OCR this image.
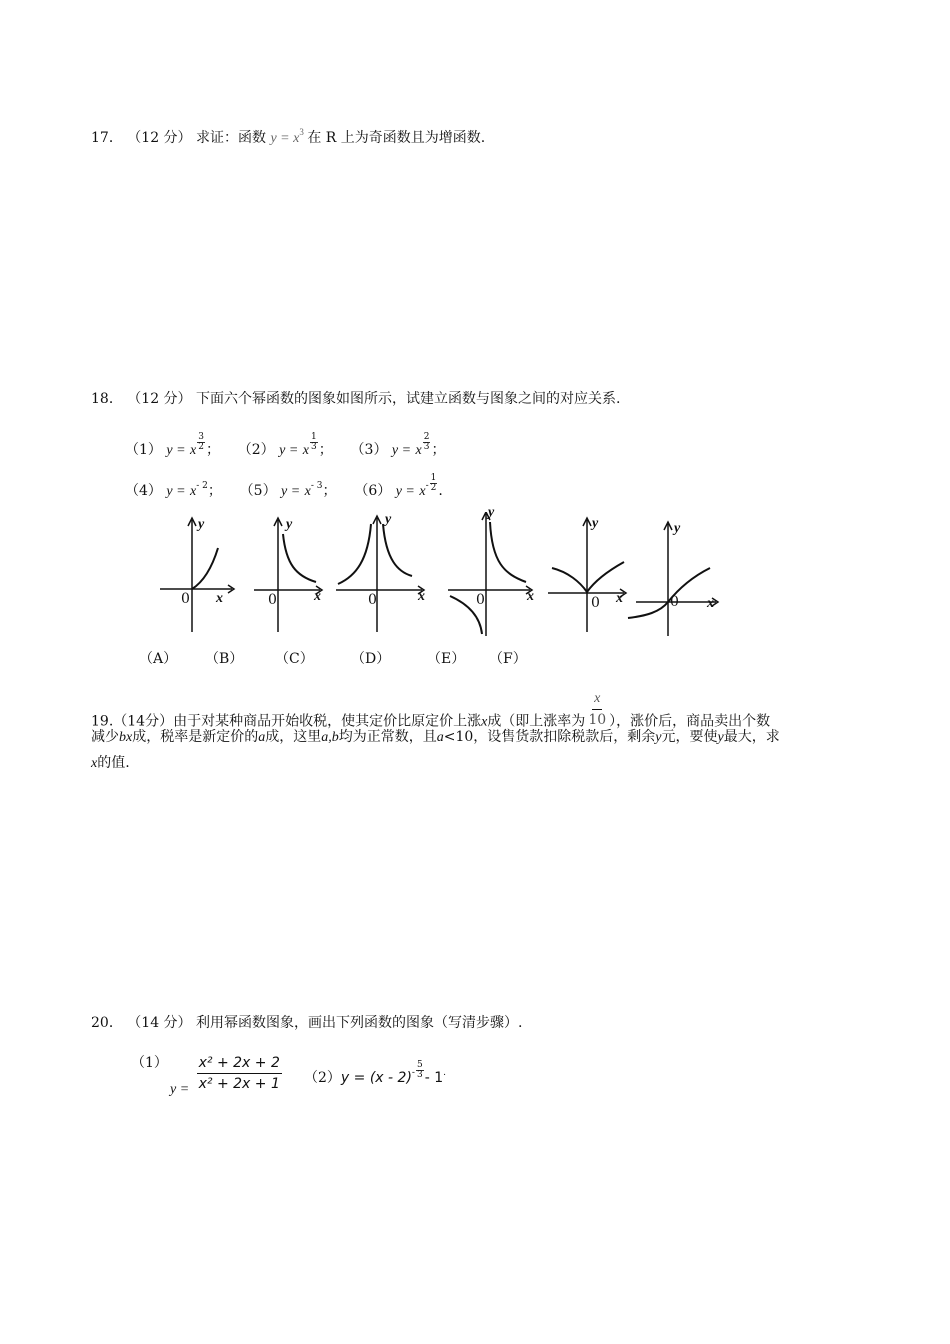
17． （12 分） 求证：函数 $y = x^3$ 在 R 上为奇函数且为增函数.
18． （12 分） 下面六个幂函数的图象如图所示，试建立函数与图象之间的对应关系.
（1） y = x $\frac{3}{2}$ ； （2） y = x $\frac{1}{3}$ ； （3） y = x $\frac{2}{3}$ ；
（4） $y = x^{- 2}$； （5） $y = x^{- 3}$； （6） $y = x^- \frac{1}{2}$ .
y
x
0
y
x
0
y
x
0
y
x
0
y
x
0
y
x
0
（A） （B） （C）	（D）	（E） （F）
19.（14分）由于对某种商品开始收税，使其定价比原定价上涨x成（即上涨率为 $\frac{x}{10}$ ），涨价后，商品卖出个数
减少bx成，税率是新定价的a成，这里a,b均为正常数，且a<10，设售货款扣除税款后，剩余y元，要使y最大，求
x的值.
20． （14 分） 利用幂函数图象，画出下列函数的图象（写清步骤）.
（1）
$y = \frac{\text{x² + 2x + 2}}{\text{x² + 2x + 1}} (2)y = (x - 2)^- \frac{5}{3} - 1^.$
